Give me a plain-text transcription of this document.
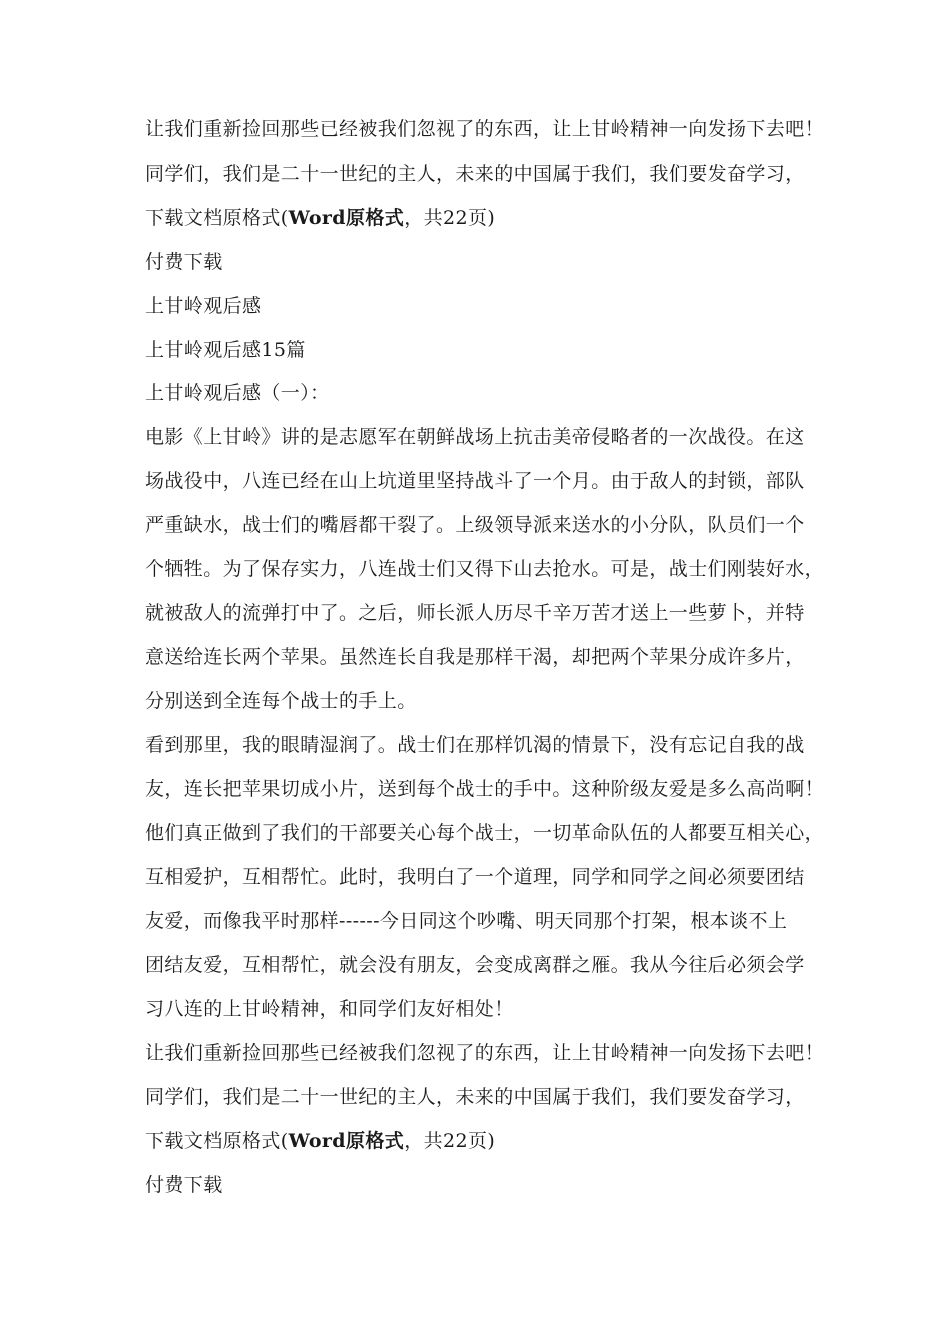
让我们重新捡回那些已经被我们忽视了的东西，让上甘岭精神一向发扬下去吧！
同学们，我们是二十一世纪的主人，未来的中国属于我们，我们要发奋学习，
下载文档原格式(Word原格式，共22页)
付费下载
上甘岭观后感
上甘岭观后感15篇
上甘岭观后感（一）：
电影《上甘岭》讲的是志愿军在朝鲜战场上抗击美帝侵略者的一次战役。在这
场战役中，八连已经在山上坑道里坚持战斗了一个月。由于敌人的封锁，部队
严重缺水，战士们的嘴唇都干裂了。上级领导派来送水的小分队，队员们一个
个牺牲。为了保存实力，八连战士们又得下山去抢水。可是，战士们刚装好水，
就被敌人的流弹打中了。之后，师长派人历尽千辛万苦才送上一些萝卜，并特
意送给连长两个苹果。虽然连长自我是那样干渴，却把两个苹果分成许多片，
分别送到全连每个战士的手上。
看到那里，我的眼睛湿润了。战士们在那样饥渴的情景下，没有忘记自我的战
友，连长把苹果切成小片，送到每个战士的手中。这种阶级友爱是多么高尚啊！
他们真正做到了我们的干部要关心每个战士，一切革命队伍的人都要互相关心，
互相爱护，互相帮忙。此时，我明白了一个道理，同学和同学之间必须要团结
友爱，而像我平时那样------今日同这个吵嘴、明天同那个打架，根本谈不上
团结友爱，互相帮忙，就会没有朋友，会变成离群之雁。我从今往后必须会学
习八连的上甘岭精神，和同学们友好相处！
让我们重新捡回那些已经被我们忽视了的东西，让上甘岭精神一向发扬下去吧！
同学们，我们是二十一世纪的主人，未来的中国属于我们，我们要发奋学习，
下载文档原格式(Word原格式，共22页)
付费下载
